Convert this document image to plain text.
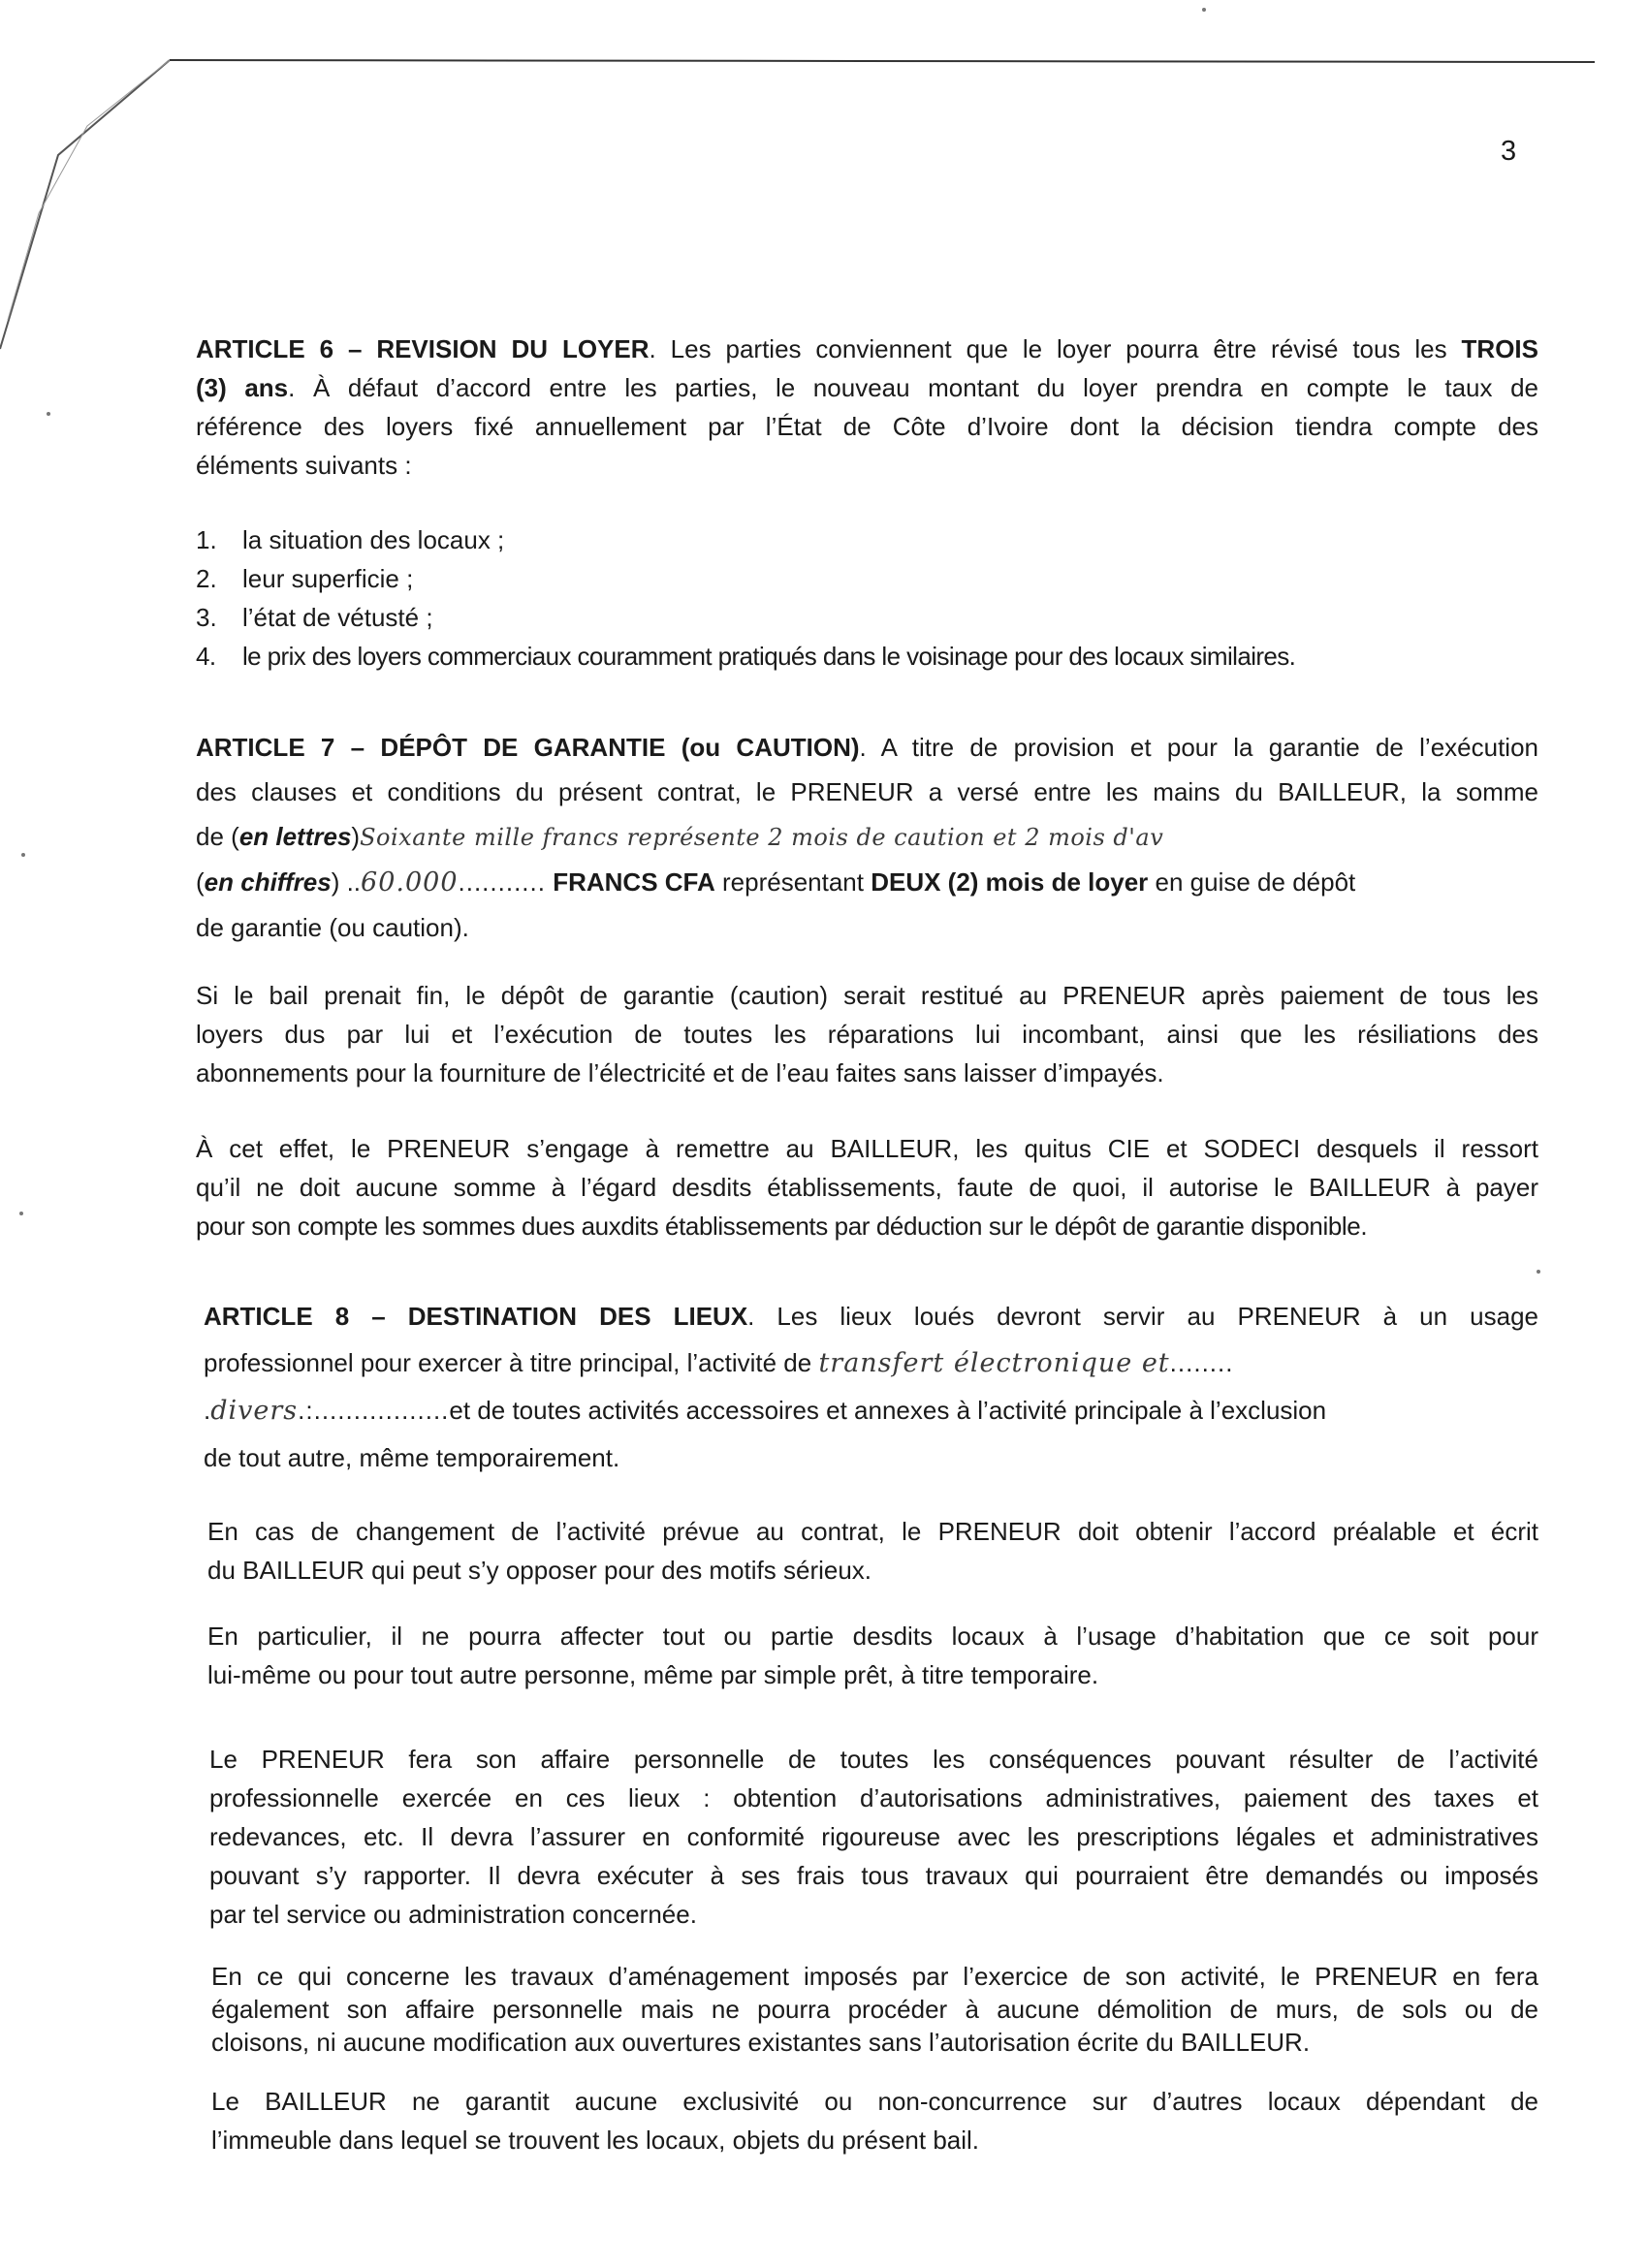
3
ARTICLE 6 – REVISION DU LOYER. Les parties conviennent que le loyer pourra être révisé tous les TROIS
(3) ans. À défaut d’accord entre les parties, le nouveau montant du loyer prendra en compte le taux de
référence des loyers fixé annuellement par l’État de Côte d’Ivoire dont la décision tiendra compte des
éléments suivants :
1. la situation des locaux ;
2. leur superficie ;
3. l’état de vétusté ;
4. le prix des loyers commerciaux couramment pratiqués dans le voisinage pour des locaux similaires.
ARTICLE 7 – DÉPÔT DE GARANTIE (ou CAUTION). A titre de provision et pour la garantie de l’exécution
des clauses et conditions du présent contrat, le PRENEUR a versé entre les mains du BAILLEUR, la somme
de (en lettres)Soixante mille francs représente 2 mois de caution et 2 mois d'av
(en chiffres) ..60.000........... FRANCS CFA représentant DEUX (2) mois de loyer en guise de dépôt
de garantie (ou caution).
Si le bail prenait fin, le dépôt de garantie (caution) serait restitué au PRENEUR après paiement de tous les
loyers dus par lui et l’exécution de toutes les réparations lui incombant, ainsi que les résiliations des
abonnements pour la fourniture de l’électricité et de l’eau faites sans laisser d’impayés.
À cet effet, le PRENEUR s’engage à remettre au BAILLEUR, les quitus CIE et SODECI desquels il ressort
qu’il ne doit aucune somme à l’égard desdits établissements, faute de quoi, il autorise le BAILLEUR à payer
pour son compte les sommes dues auxdits établissements par déduction sur le dépôt de garantie disponible.
ARTICLE 8 – DESTINATION DES LIEUX. Les lieux loués devront servir au PRENEUR à un usage
professionnel pour exercer à titre principal, l’activité de transfert électronique et........
.divers.:.................et de toutes activités accessoires et annexes à l’activité principale à l’exclusion
de tout autre, même temporairement.
En cas de changement de l’activité prévue au contrat, le PRENEUR doit obtenir l’accord préalable et écrit
du BAILLEUR qui peut s’y opposer pour des motifs sérieux.
En particulier, il ne pourra affecter tout ou partie desdits locaux à l’usage d’habitation que ce soit pour
lui-même ou pour tout autre personne, même par simple prêt, à titre temporaire.
Le PRENEUR fera son affaire personnelle de toutes les conséquences pouvant résulter de l’activité
professionnelle exercée en ces lieux : obtention d’autorisations administratives, paiement des taxes et
redevances, etc. Il devra l’assurer en conformité rigoureuse avec les prescriptions légales et administratives
pouvant s’y rapporter. Il devra exécuter à ses frais tous travaux qui pourraient être demandés ou imposés
par tel service ou administration concernée.
En ce qui concerne les travaux d’aménagement imposés par l’exercice de son activité, le PRENEUR en fera
également son affaire personnelle mais ne pourra procéder à aucune démolition de murs, de sols ou de
cloisons, ni aucune modification aux ouvertures existantes sans l’autorisation écrite du BAILLEUR.
Le BAILLEUR ne garantit aucune exclusivité ou non-concurrence sur d’autres locaux dépendant de
l’immeuble dans lequel se trouvent les locaux, objets du présent bail.
